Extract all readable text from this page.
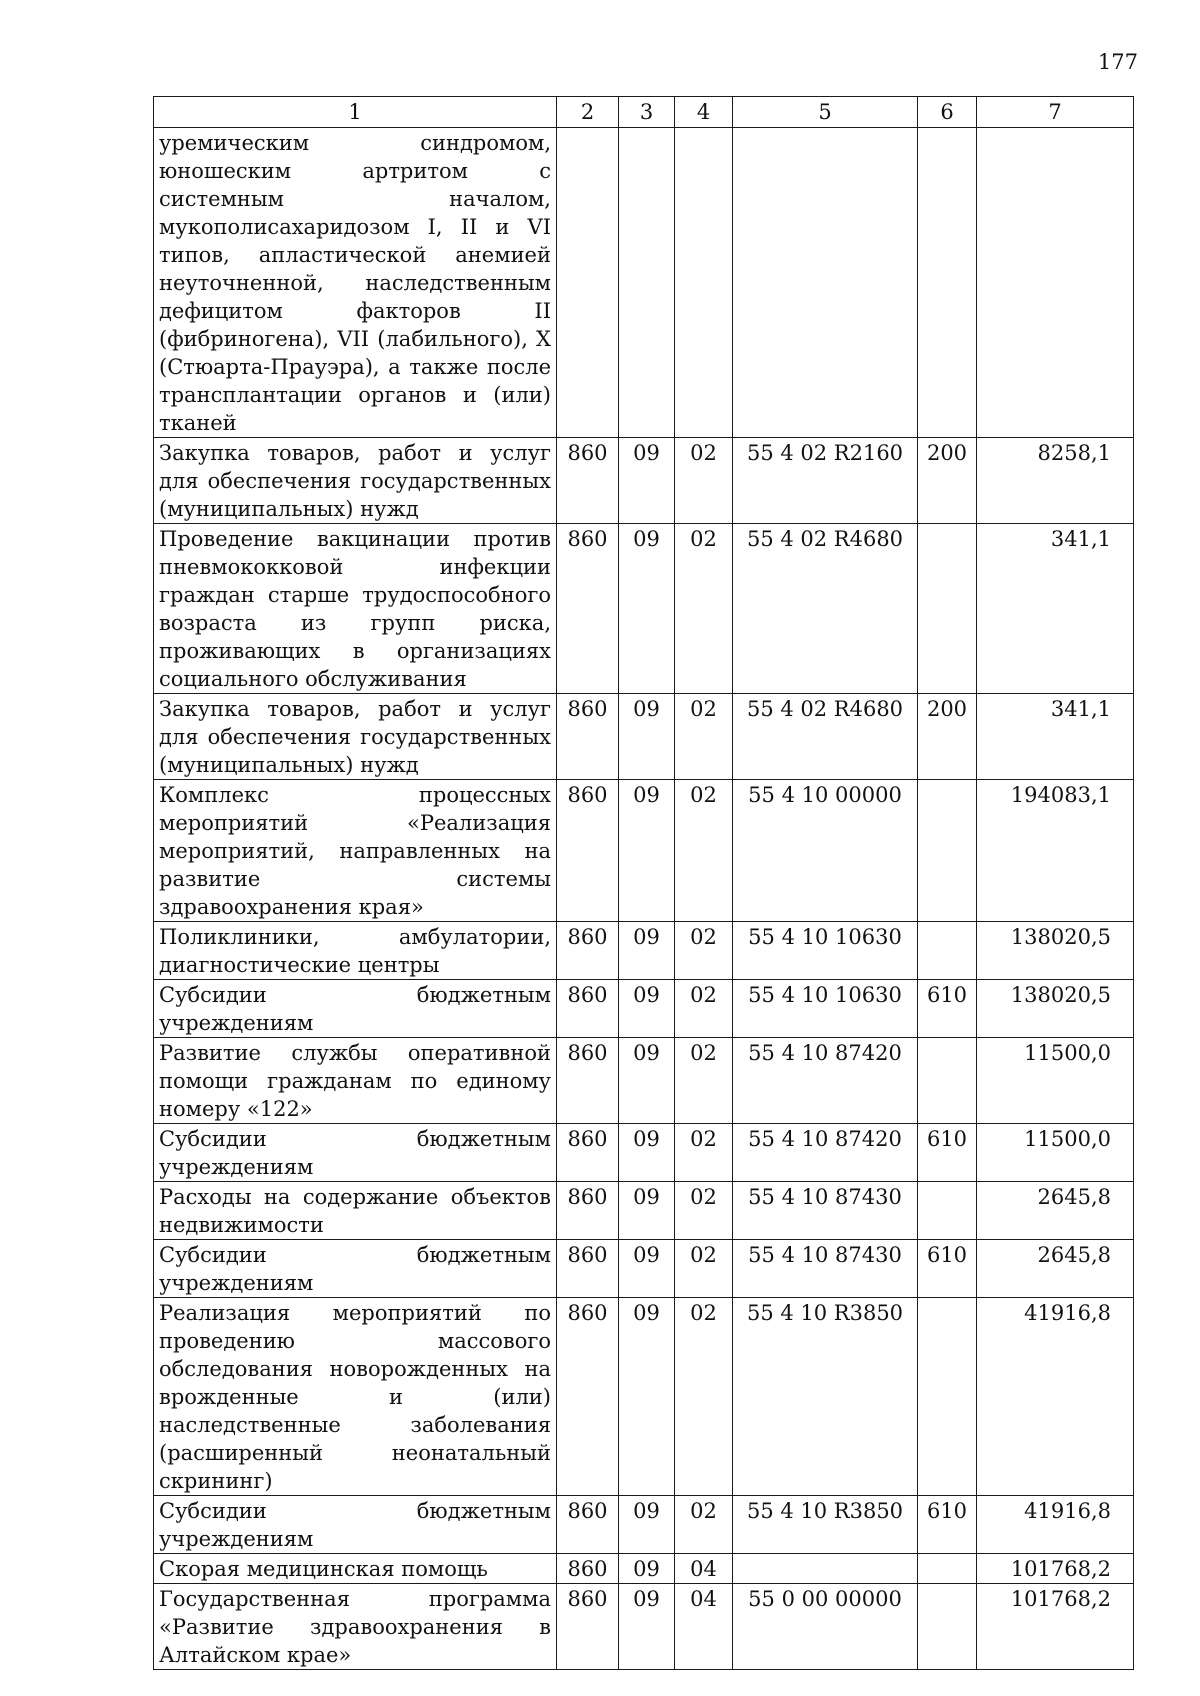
177
1	2	3	4	5	6	7
уремическим синдромом, юношеским артритом с системным началом, мукополисахаридозом I, II и VI типов, апластической анемией неуточненной, наследственным дефицитом факторов II (фибриногена), VII (лабильного), X (Стюарта-Прауэра), а также после трансплантации органов и (или) тканей						
Закупка товаров, работ и услуг для обеспечения государственных (муниципальных) нужд	860	09	02	55 4 02 R2160	200	8258,1
Проведение вакцинации против пневмококковой инфекции граждан старше трудоспособного возраста из групп риска, проживающих в организациях социального обслуживания	860	09	02	55 4 02 R4680		341,1
Закупка товаров, работ и услуг для обеспечения государственных (муниципальных) нужд	860	09	02	55 4 02 R4680	200	341,1
Комплекс процессных мероприятий «Реализация мероприятий, направленных на развитие системы здравоохранения края»	860	09	02	55 4 10 00000		194083,1
Поликлиники, амбулатории, диагностические центры	860	09	02	55 4 10 10630		138020,5
Субсидии бюджетным учреждениям	860	09	02	55 4 10 10630	610	138020,5
Развитие службы оперативной помощи гражданам по единому номеру «122»	860	09	02	55 4 10 87420		11500,0
Субсидии бюджетным учреждениям	860	09	02	55 4 10 87420	610	11500,0
Расходы на содержание объектов недвижимости	860	09	02	55 4 10 87430		2645,8
Субсидии бюджетным учреждениям	860	09	02	55 4 10 87430	610	2645,8
Реализация мероприятий по проведению массового обследования новорожденных на врожденные и (или) наследственные заболевания (расширенный неонатальный скрининг)	860	09	02	55 4 10 R3850		41916,8
Субсидии бюджетным учреждениям	860	09	02	55 4 10 R3850	610	41916,8
Скорая медицинская помощь	860	09	04			101768,2
Государственная программа «Развитие здравоохранения в Алтайском крае»	860	09	04	55 0 00 00000		101768,2
